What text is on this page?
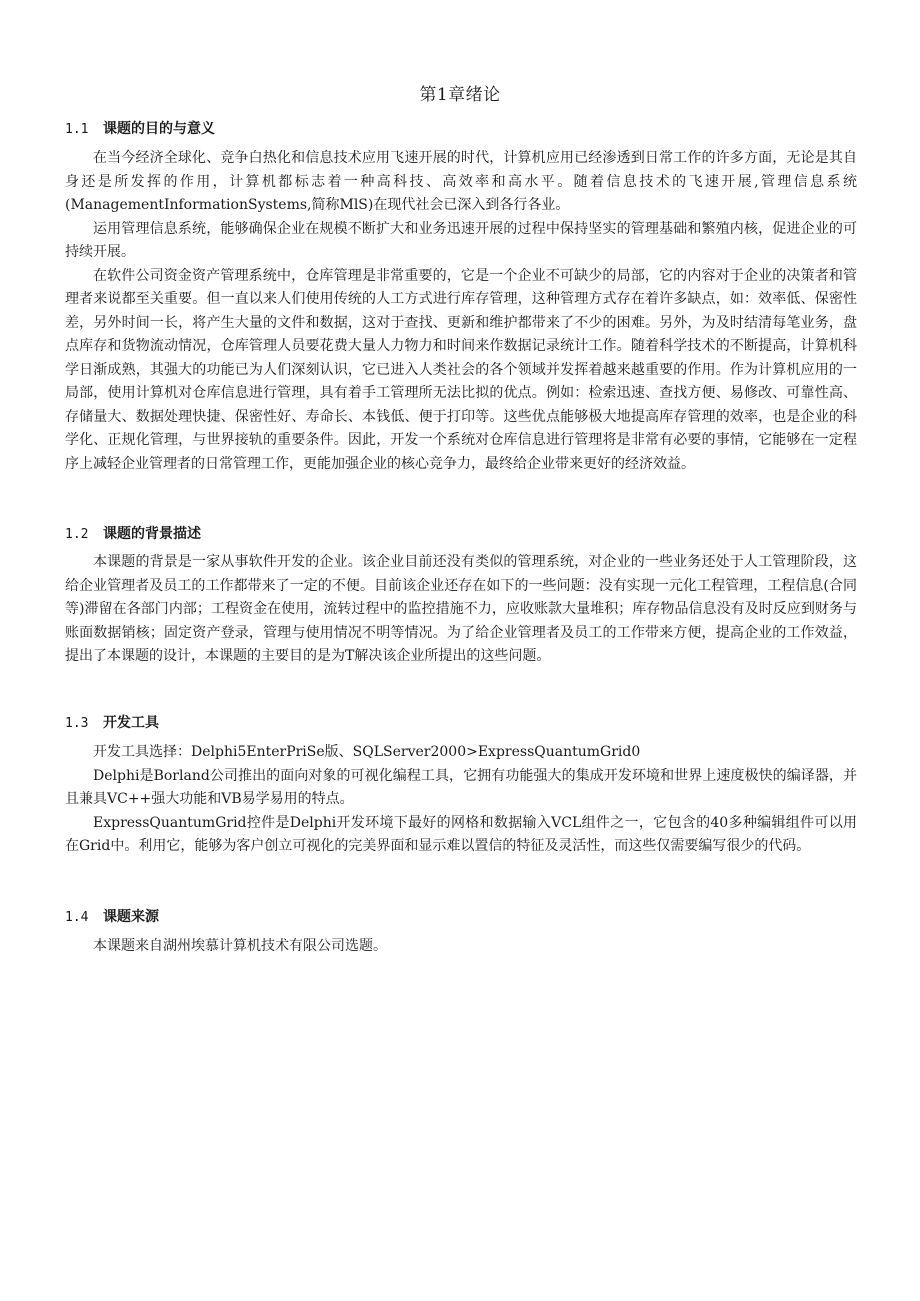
第1章绪论
1.1 课题的目的与意义

在当今经济全球化、竞争白热化和信息技术应用飞速开展的时代，计算机应用已经渗透到日常工作的许多方面，无论是其自身还是所发挥的作用，计算机都标志着一种高科技、高效率和高水平。随着信息技术的飞速开展,管理信息系统(ManagementInformationSystems,简称MlS)在现代社会已深入到各行各业。

运用管理信息系统，能够确保企业在规模不断扩大和业务迅速开展的过程中保持坚实的管理基础和繁殖内核，促进企业的可持续开展。

在软件公司资金资产管理系统中，仓库管理是非常重要的，它是一个企业不可缺少的局部，它的内容对于企业的决策者和管理者来说都至关重要。但一直以来人们使用传统的人工方式进行库存管理，这种管理方式存在着许多缺点，如：效率低、保密性差，另外时间一长，将产生大量的文件和数据，这对于查找、更新和维护都带来了不少的困难。另外，为及时结清每笔业务，盘点库存和货物流动情况，仓库管理人员要花费大量人力物力和时间来作数据记录统计工作。随着科学技术的不断提高，计算机科学日渐成熟，其强大的功能已为人们深刻认识，它已进入人类社会的各个领域并发挥着越来越重要的作用。作为计算机应用的一局部，使用计算机对仓库信息进行管理，具有着手工管理所无法比拟的优点。例如：检索迅速、查找方便、易修改、可靠性高、存储量大、数据处理快捷、保密性好、寿命长、本钱低、便于打印等。这些优点能够极大地提高库存管理的效率，也是企业的科学化、正规化管理，与世界接轨的重要条件。因此，开发一个系统对仓库信息进行管理将是非常有必要的事情，它能够在一定程序上减轻企业管理者的日常管理工作，更能加强企业的核心竞争力，最终给企业带来更好的经济效益。

1.2 课题的背景描述

本课题的背景是一家从事软件开发的企业。该企业目前还没有类似的管理系统，对企业的一些业务还处于人工管理阶段，这给企业管理者及员工的工作都带来了一定的不便。目前该企业还存在如下的一些问题：没有实现一元化工程管理，工程信息(合同等)滞留在各部门内部；工程资金在使用，流转过程中的监控措施不力，应收账款大量堆积；库存物品信息没有及时反应到财务与账面数据销核；固定资产登录，管理与使用情况不明等情况。为了给企业管理者及员工的工作带来方便，提高企业的工作效益，提出了本课题的设计，本课题的主要目的是为T解决该企业所提出的这些问题。

1.3 开发工具

开发工具选择：Delphi5EnterPriSe版、SQLServer2000>ExpressQuantumGrid0

Delphi是Borland公司推出的面向对象的可视化编程工具，它拥有功能强大的集成开发环境和世界上速度极快的编译器，并且兼具VC++强大功能和VB易学易用的特点。

ExpressQuantumGrid控件是Delphi开发环境下最好的网格和数据输入VCL组件之一，它包含的40多种编辑组件可以用在Grid中。利用它，能够为客户创立可视化的完美界面和显示难以置信的特征及灵活性，而这些仅需要编写很少的代码。

1.4 课题来源

本课题来自湖州埃慕计算机技术有限公司选题。
